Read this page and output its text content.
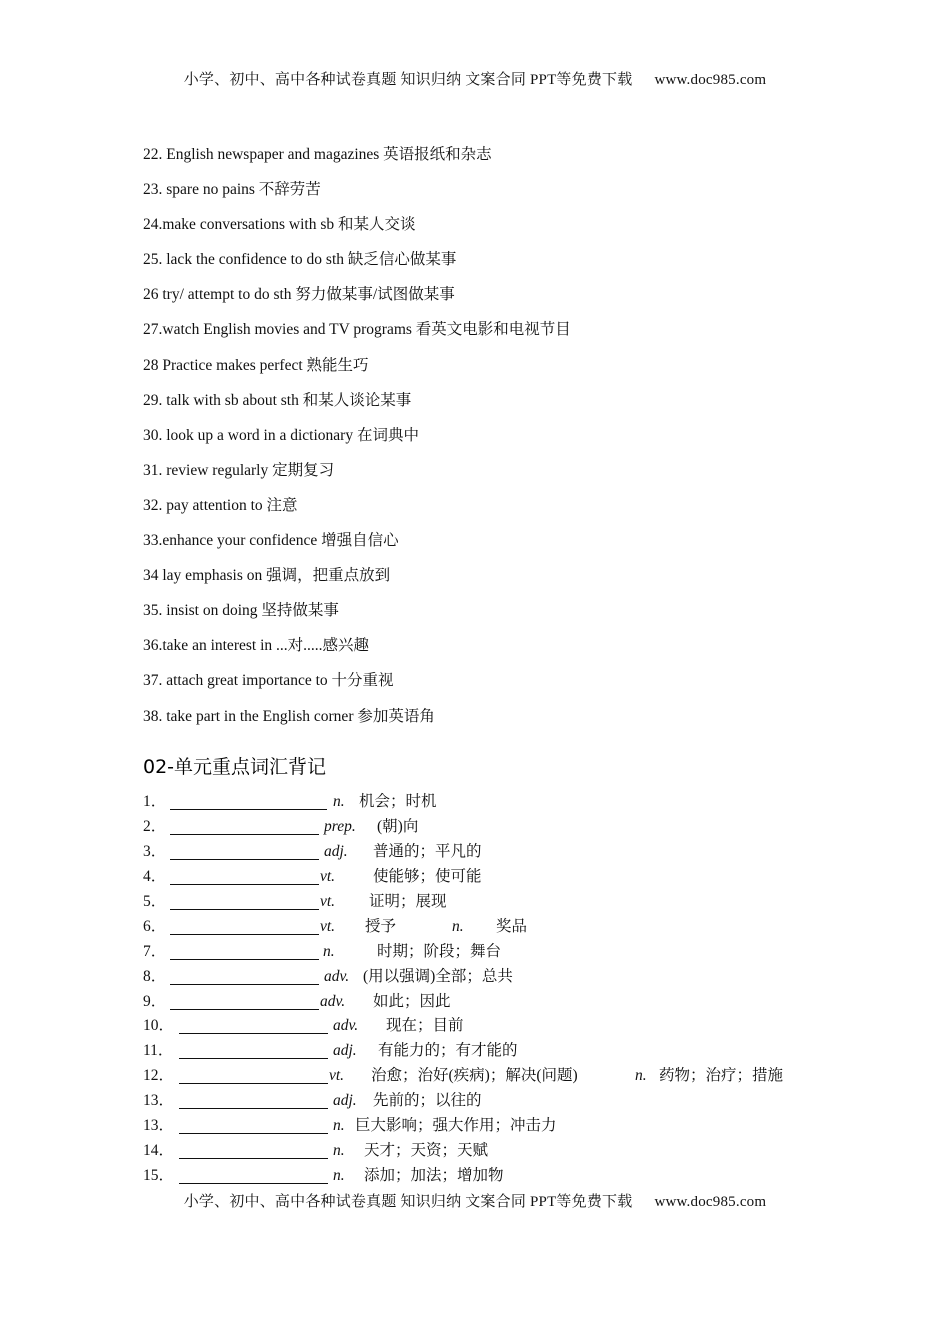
小学、初中、高中各种试卷真题 知识归纳 文案合同 PPT等免费下载 www.doc985.com
22. English newspaper and magazines 英语报纸和杂志
23. spare no pains 不辞劳苦
24.make conversations with sb 和某人交谈
25. lack the confidence to do sth 缺乏信心做某事
26 try/ attempt to do sth 努力做某事/试图做某事
27.watch English movies and TV programs 看英文电影和电视节目
28 Practice makes perfect 熟能生巧
29. talk with sb about sth 和某人谈论某事
30. look up a word in a dictionary 在词典中
31. review regularly 定期复习
32. pay attention to 注意
33.enhance your confidence 增强自信心
34 lay emphasis on 强调，把重点放到
35. insist on doing 坚持做某事
36.take an interest in ...对.....感兴趣
37. attach great importance to 十分重视
38. take part in the English corner 参加英语角
02-单元重点词汇背记
1．	n. 机会；时机
2．	prep. (朝)向
3．	adj. 普通的；平凡的
4．	vt. 使能够；使可能
5．	vt. 证明；展现
6．	vt. 授予	n. 奖品
7．	n.	时期；阶段；舞台
8．	adv. (用以强调)全部；总共
9．	adv. 如此；因此
10．	adv. 现在；目前
11．	adj. 有能力的；有才能的
12．	vt. 治愈；治好(疾病)；解决(问题)	n. 药物；治疗；措施
13．	adj. 先前的；以往的
13．	n. 巨大影响；强大作用；冲击力
14．	n. 天才；天资；天赋
15．	n. 添加；加法；增加物
小学、初中、高中各种试卷真题 知识归纳 文案合同 PPT等免费下载 www.doc985.com
